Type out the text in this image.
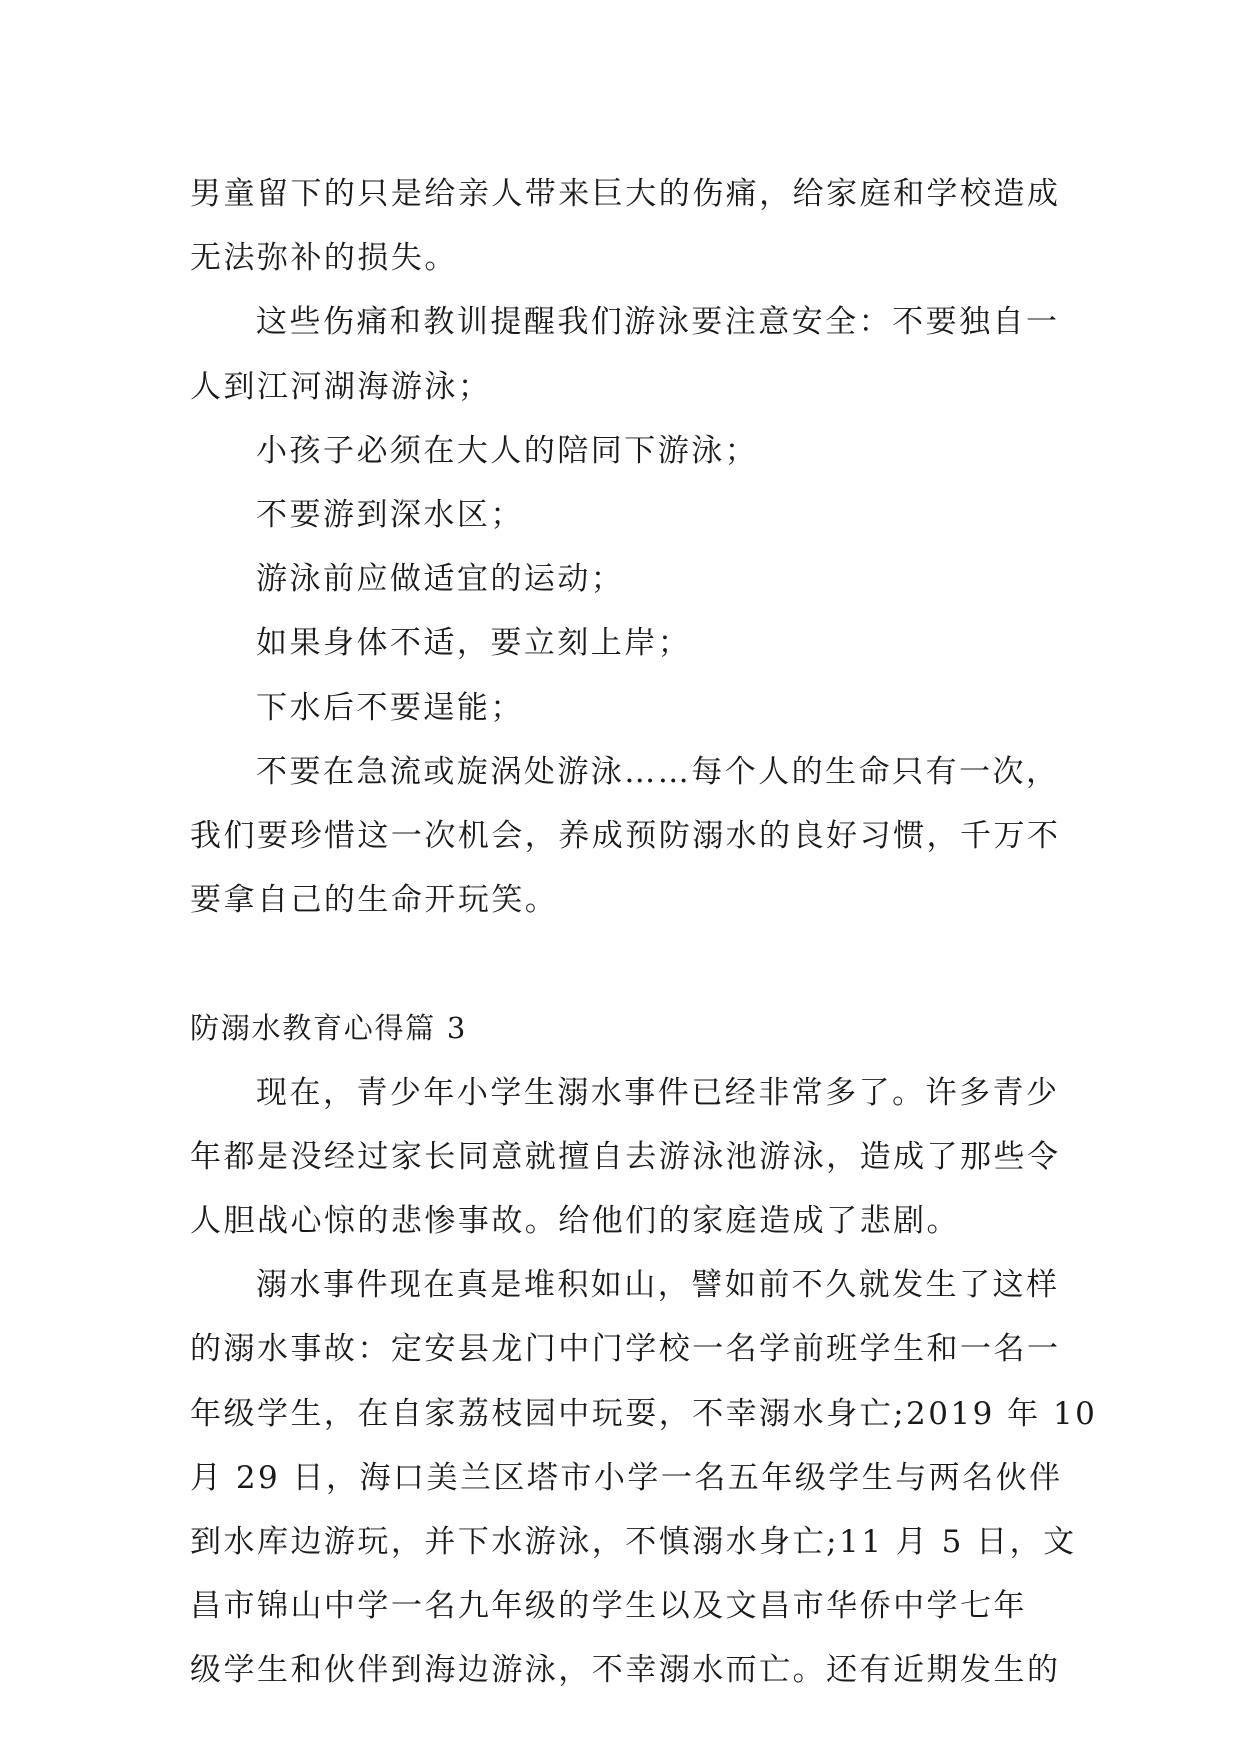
男童留下的只是给亲人带来巨大的伤痛，给家庭和学校造成
无法弥补的损失。
这些伤痛和教训提醒我们游泳要注意安全：不要独自一
人到江河湖海游泳；
小孩子必须在大人的陪同下游泳；
不要游到深水区；
游泳前应做适宜的运动；
如果身体不适，要立刻上岸；
下水后不要逞能；
不要在急流或旋涡处游泳……每个人的生命只有一次，
我们要珍惜这一次机会，养成预防溺水的良好习惯，千万不
要拿自己的生命开玩笑。
防溺水教育心得篇 3
现在，青少年小学生溺水事件已经非常多了。许多青少
年都是没经过家长同意就擅自去游泳池游泳，造成了那些令
人胆战心惊的悲惨事故。给他们的家庭造成了悲剧。
溺水事件现在真是堆积如山，譬如前不久就发生了这样
的溺水事故：定安县龙门中门学校一名学前班学生和一名一
年级学生，在自家荔枝园中玩耍，不幸溺水身亡;2019 年 10
月 29 日，海口美兰区塔市小学一名五年级学生与两名伙伴
到水库边游玩，并下水游泳，不慎溺水身亡;11 月 5 日，文
昌市锦山中学一名九年级的学生以及文昌市华侨中学七年
级学生和伙伴到海边游泳，不幸溺水而亡。还有近期发生的
